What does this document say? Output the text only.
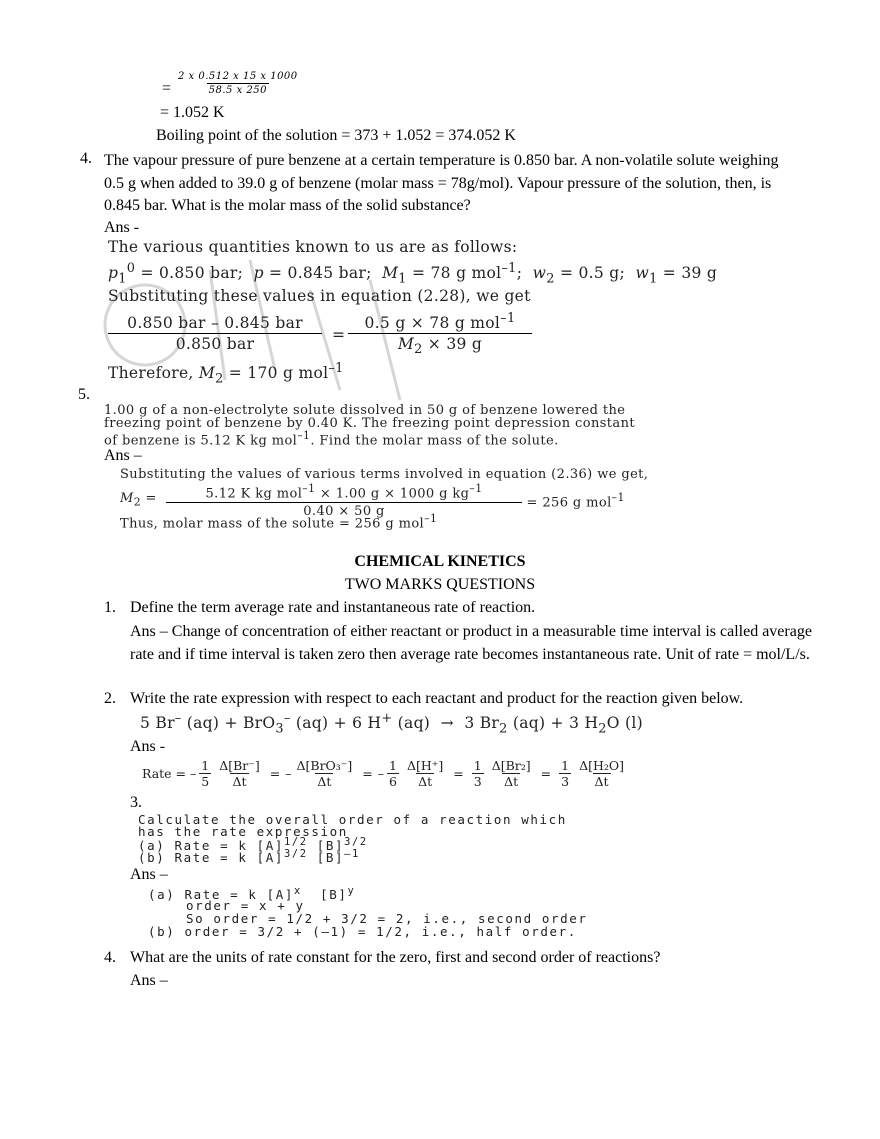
= $\frac{2 x 0.512 x 15 x 1000}{58.5 x 250}$
= 1.052 K
Boiling point of the solution = 373 + 1.052 = 374.052 K
4. The vapour pressure of pure benzene at a certain temperature is 0.850 bar. A non-volatile solute weighing 0.5 g when added to 39.0 g of benzene (molar mass = 78g/mol). Vapour pressure of the solution, then, is 0.845 bar. What is the molar mass of the solid substance?
Ans -
The various quantities known to us are as follows:
$p_1^0 = 0.850$ bar;  p = 0.845 bar;  $M_1 = 78$ g mol$^{-1}$;  $w_2 = 0.5$ g;  $w_1 = 39$ g
Substituting these values in equation (2.28), we get
0.850 bar – 0.845 bar
0.850 bar	=
0.5 g × 78 g mol$^{-1}$
$M_2 \times 39$ g
Therefore, $M_2 = 170$ g mol$^{-1}$
5.
1.00 g of a non-electrolyte solute dissolved in 50 g of benzene lowered the
freezing point of benzene by 0.40 K. The freezing point depression constant
of benzene is 5.12 K kg mol$^{-1}$. Find the molar mass of the solute.
Ans –
Substituting the values of various terms involved in equation (2.36) we get,
$M_2$ =	5.12 K kg mol$^{-1}$ × 1.00 g × 1000 g $kg^{-1}$
0.40 × 50 g
= 256 g mol$^{-1}$
Thus, molar mass of the solute = 256 g mol$^{-1}$
CHEMICAL KINETICS
TWO MARKS QUESTIONS
1. Define the term average rate and instantaneous rate of reaction.
Ans – Change of concentration of either reactant or product in a measurable time interval is called average rate and if time interval is taken zero then average rate becomes instantaneous rate. Unit of rate = mol/L/s.
2. Write the rate expression with respect to each reactant and product for the reaction given below.
5 Br– (aq) + BrO$_3$– (aq) + 6 H+ (aq)  →  3 $Br_2$ (aq) + 3 $H_2O$ (l)
Ans -
Rate = – $\frac{1}{5} \frac{\Delta[Br^-]}{\Delta t}$ = –
Δ[BrO₃⁻]
Δt
= – $\frac{1}{6} \frac{\Delta[H^+]}{\Delta t} = \frac{1}{3} \frac{\text{Δ[Br₂]}}{\Delta t} = \frac{1}{3} \frac{\text{Δ[H₂O]}}{\Delta t}$
3.
Calculate the overall order of a reaction which
has the rate expression
(a) Rate = k $[A]^{1/2}$ $[B]^{3/2}$
(b) Rate = k $[A]^{3/2}$ $[B]^{-1}$
Ans –
(a) Rate = k $[A]^x$  $[B]^y$
order = x + y
So order = 1/2 + 3/2 = 2, i.e., second order
(b) order = 3/2 + (–1) = 1/2, i.e., half order.
4. What are the units of rate constant for the zero, first and second order of reactions?
Ans –
